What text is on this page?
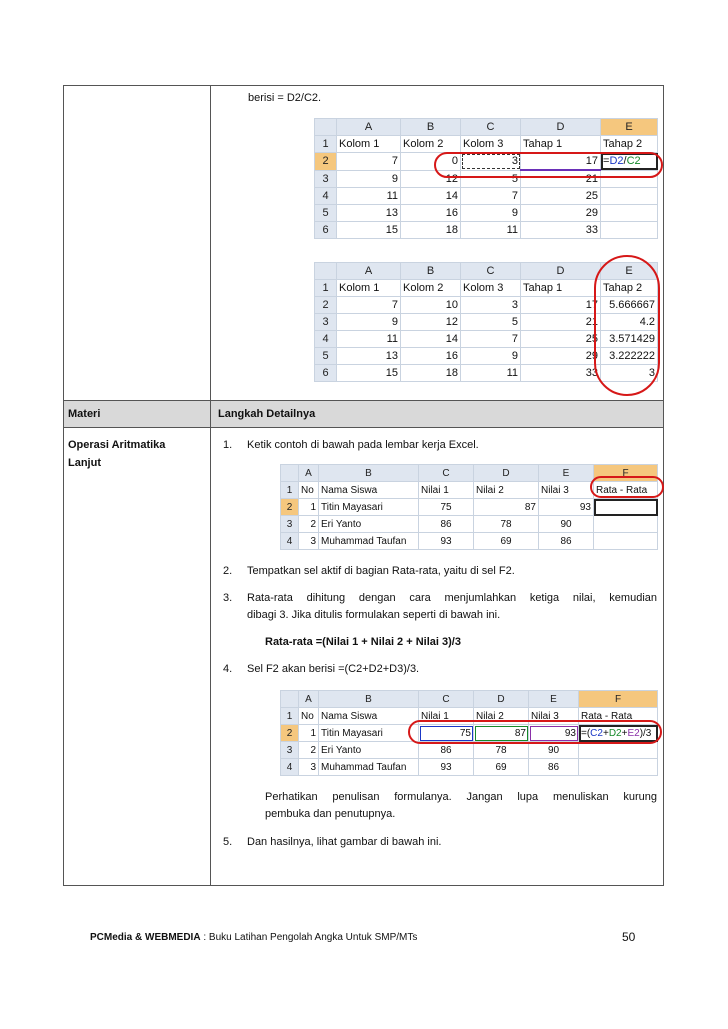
Materi	Langkah Detailnya
berisi = D2/C2.
	A	B	C	D	E
1	Kolom 1	Kolom 2	Kolom 3	Tahap 1	Tahap 2
2	7	0	3	17	=D2/C2
3	9	12	5	21	
4	11	14	7	25	
5	13	16	9	29	
6	15	18	11	33	
	A	B	C	D	E
1	Kolom 1	Kolom 2	Kolom 3	Tahap 1	Tahap 2
2	7	10	3	17	5.666667
3	9	12	5	21	4.2
4	11	14	7	25	3.571429
5	13	16	9	29	3.222222
6	15	18	11	33	3
Operasi Aritmatika
Lanjut
1. Ketik contoh di bawah pada lembar kerja Excel.
	A	B	C	D	E	F
1	No	Nama Siswa	Nilai 1	Nilai 2	Nilai 3	Rata - Rata
2	1	Titin Mayasari	75	87	93	
3	2	Eri Yanto	86	78	90	
4	3	Muhammad Taufan	93	69	86	
2. Tempatkan sel aktif di bagian Rata-rata, yaitu di sel F2.
3. Rata-rata dihitung dengan cara menjumlahkan ketiga nilai, kemudian
dibagi 3. Jika ditulis formulakan seperti di bawah ini.
Rata-rata =(Nilai 1 + Nilai 2 + Nilai 3)/3
4. Sel F2 akan berisi =(C2+D2+D3)/3.
	A	B	C	D	E	F
1	No	Nama Siswa	Nilai 1	Nilai 2	Nilai 3	Rata - Rata
2	1	Titin Mayasari	75	87	93	=(C2+D2+E2)/3
3	2	Eri Yanto	86	78	90	
4	3	Muhammad Taufan	93	69	86	
Perhatikan penulisan formulanya. Jangan lupa menuliskan kurung
pembuka dan penutupnya.
5. Dan hasilnya, lihat gambar di bawah ini.
PCMedia & WEBMEDIA : Buku Latihan Pengolah Angka Untuk SMP/MTs	50
